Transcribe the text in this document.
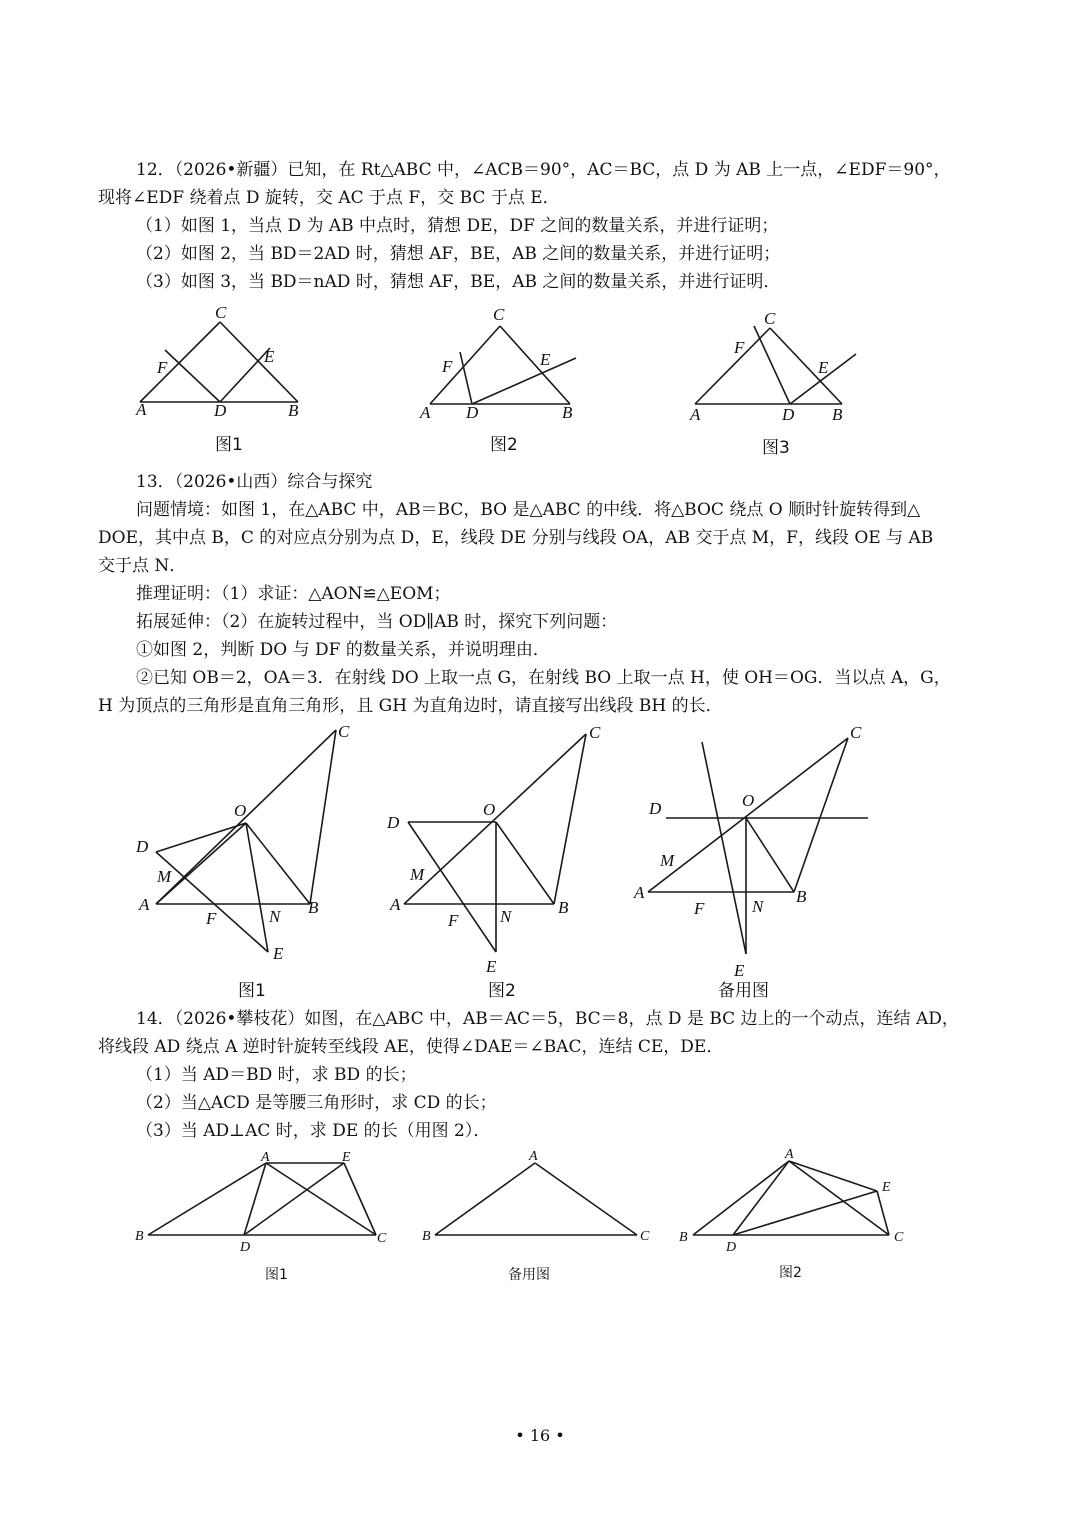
12．（2026•新疆）已知，在 Rt△ABC 中，∠ACB＝90°，AC＝BC，点 D 为 AB 上一点，∠EDF＝90°，
现将∠EDF 绕着点 D 旋转，交 AC 于点 F，交 BC 于点 E．
（1）如图 1，当点 D 为 AB 中点时，猜想 DE，DF 之间的数量关系，并进行证明；
（2）如图 2，当 BD＝2AD 时，猜想 AF，BE，AB 之间的数量关系，并进行证明；
（3）如图 3，当 BD＝nAD 时，猜想 AF，BE，AB 之间的数量关系，并进行证明．
C
F
E
A	D	B
图1
C
F	E
A D	B
图2
C
F
E
A	D B
图3
13．（2026•山西）综合与探究
问题情境：如图 1，在△ABC 中，AB＝BC，BO 是△ABC 的中线．将△BOC 绕点 O 顺时针旋转得到△
DOE，其中点 B，C 的对应点分别为点 D，E，线段 DE 分别与线段 OA，AB 交于点 M，F，线段 OE 与 AB
交于点 N．
推理证明：（1）求证：△AON≌△EOM；
拓展延伸：（2）在旋转过程中，当 OD∥AB 时，探究下列问题：
①如图 2，判断 DO 与 DF 的数量关系，并说明理由．
②已知 OB＝2，OA＝3．在射线 DO 上取一点 G，在射线 BO 上取一点 H，使 OH＝OG．当以点 A，G，
H 为顶点的三角形是直角三角形，且 GH 为直角边时，请直接写出线段 BH 的长．
C
O
D
M
A
F	N B
E
图1
C
O
D
M
A
F N	B
E
图2
C
O
D
M
A
F	N
B
E
备用图
14．（2026•攀枝花）如图，在△ABC 中，AB＝AC＝5，BC＝8，点 D 是 BC 边上的一个动点，连结 AD，
将线段 AD 绕点 A 逆时针旋转至线段 AE，使得∠DAE＝∠BAC，连结 CE，DE．
（1）当 AD＝BD 时，求 BD 的长；
（2）当△ACD 是等腰三角形时，求 CD 的长；
（3）当 AD⊥AC 时，求 DE 的长（用图 2）．
A	E
B
D
C
图1
A
B	C
备用图
A
E
B
D
C
图2
• 16 •
